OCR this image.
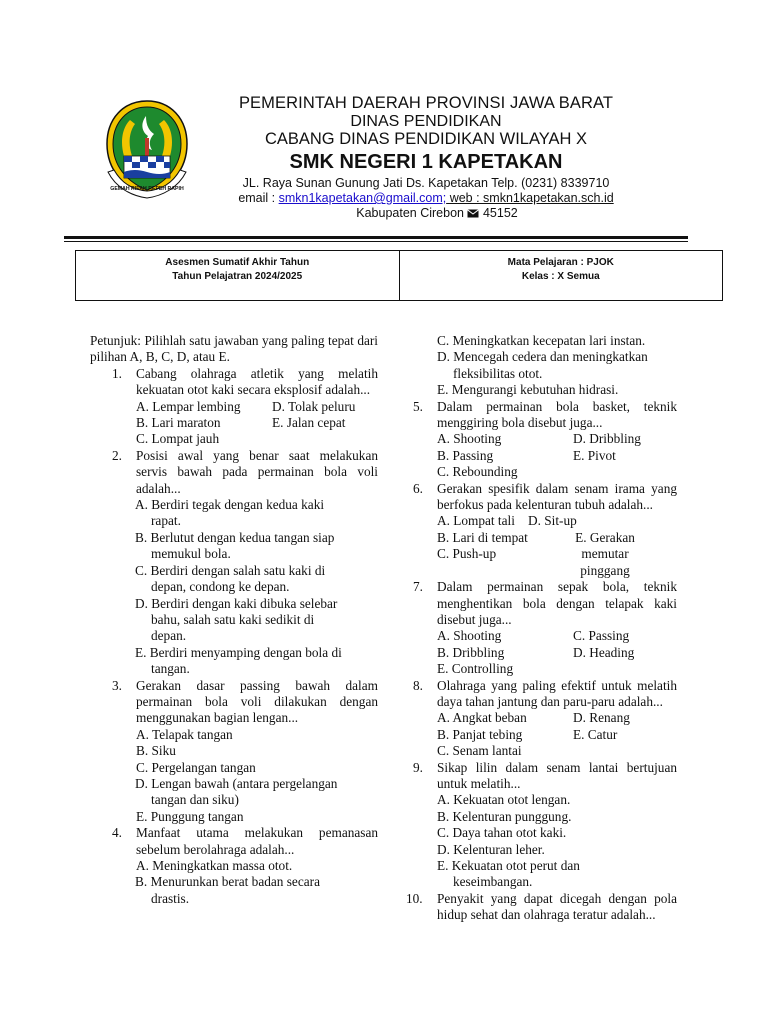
GEMAH RIPAH REPEH RAPIH
PEMERINTAH DAERAH PROVINSI JAWA BARAT
DINAS PENDIDIKAN
CABANG DINAS PENDIDIKAN WILAYAH X
SMK NEGERI 1 KAPETAKAN
JL. Raya Sunan Gunung Jati Ds. Kapetakan Telp. (0231) 8339710
email : smkn1kapetakan@gmail.com; web : smkn1kapetakan.sch.id
Kabupaten Cirebon 45152
Asesmen Sumatif Akhir Tahun
Tahun Pelajatran 2024/2025
Mata Pelajaran : PJOK
Kelas : X Semua
Petunjuk: Pilihlah satu jawaban yang paling tepat dari pilihan A, B, C, D, atau E.
1. Cabang olahraga atletik yang melatih kekuatan otot kaki secara eksplosif adalah...
A. Lempar lembing	D. Tolak peluru
B. Lari maraton	E. Jalan cepat
C. Lompat jauh
2. Posisi awal yang benar saat melakukan servis bawah pada permainan bola voli adalah...
A. Berdiri tegak dengan kedua kaki rapat.
B. Berlutut dengan kedua tangan siap memukul bola.
C. Berdiri dengan salah satu kaki di depan, condong ke depan.
D. Berdiri dengan kaki dibuka selebar bahu, salah satu kaki sedikit di depan.
E. Berdiri menyamping dengan bola di tangan.
3. Gerakan dasar passing bawah dalam permainan bola voli dilakukan dengan menggunakan bagian lengan...
A. Telapak tangan
B. Siku
C. Pergelangan tangan
D. Lengan bawah (antara pergelangan tangan dan siku)
E. Punggung tangan
4. Manfaat utama melakukan pemanasan sebelum berolahraga adalah...
A. Meningkatkan massa otot.
B. Menurunkan berat badan secara drastis.
C. Meningkatkan kecepatan lari instan.
D. Mencegah cedera dan meningkatkan fleksibilitas otot.
E. Mengurangi kebutuhan hidrasi.
5. Dalam permainan bola basket, teknik menggiring bola disebut juga...
A. Shooting	D. Dribbling
B. Passing	E. Pivot
C. Rebounding
6. Gerakan spesifik dalam senam irama yang berfokus pada kelenturan tubuh adalah...
A. Lompat tali D. Sit-up
B. Lari di tempat
C. Push-up
E. Gerakan memutar pinggang
7. Dalam permainan sepak bola, teknik menghentikan bola dengan telapak kaki disebut juga...
A. Shooting	C. Passing
B. Dribbling	D. Heading
E. Controlling
8. Olahraga yang paling efektif untuk melatih daya tahan jantung dan paru-paru adalah...
A. Angkat beban	D. Renang
B. Panjat tebing	E. Catur
C. Senam lantai
9. Sikap lilin dalam senam lantai bertujuan untuk melatih...
A. Kekuatan otot lengan.
B. Kelenturan punggung.
C. Daya tahan otot kaki.
D. Kelenturan leher.
E. Kekuatan otot perut dan keseimbangan.
10. Penyakit yang dapat dicegah dengan pola hidup sehat dan olahraga teratur adalah...
